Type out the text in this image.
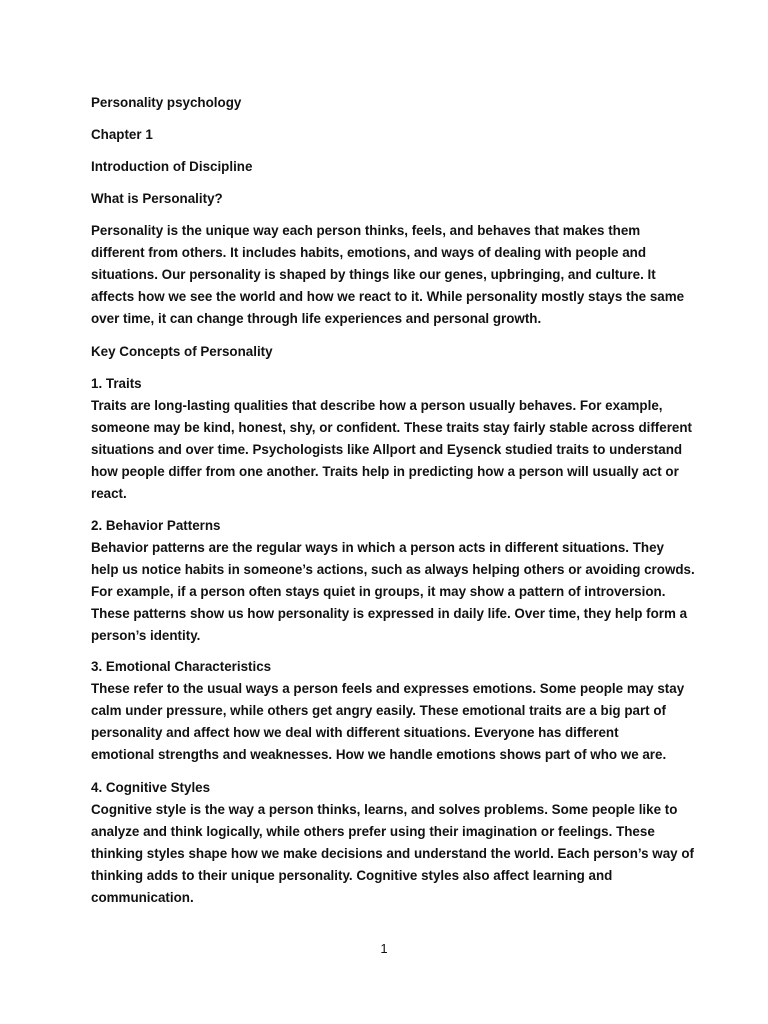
Personality psychology

Chapter 1

Introduction of Discipline

What is Personality?

Personality is the unique way each person thinks, feels, and behaves that makes them
different from others. It includes habits, emotions, and ways of dealing with people and
situations. Our personality is shaped by things like our genes, upbringing, and culture. It
affects how we see the world and how we react to it. While personality mostly stays the same
over time, it can change through life experiences and personal growth.

Key Concepts of Personality

1. Traits
Traits are long-lasting qualities that describe how a person usually behaves. For example,
someone may be kind, honest, shy, or confident. These traits stay fairly stable across different
situations and over time. Psychologists like Allport and Eysenck studied traits to understand
how people differ from one another. Traits help in predicting how a person will usually act or
react.
2. Behavior Patterns
Behavior patterns are the regular ways in which a person acts in different situations. They
help us notice habits in someone’s actions, such as always helping others or avoiding crowds.
For example, if a person often stays quiet in groups, it may show a pattern of introversion.
These patterns show us how personality is expressed in daily life. Over time, they help form a
person’s identity.
3. Emotional Characteristics
These refer to the usual ways a person feels and expresses emotions. Some people may stay
calm under pressure, while others get angry easily. These emotional traits are a big part of
personality and affect how we deal with different situations. Everyone has different
emotional strengths and weaknesses. How we handle emotions shows part of who we are.
4. Cognitive Styles
Cognitive style is the way a person thinks, learns, and solves problems. Some people like to
analyze and think logically, while others prefer using their imagination or feelings. These
thinking styles shape how we make decisions and understand the world. Each person’s way of
thinking adds to their unique personality. Cognitive styles also affect learning and
communication.
1
